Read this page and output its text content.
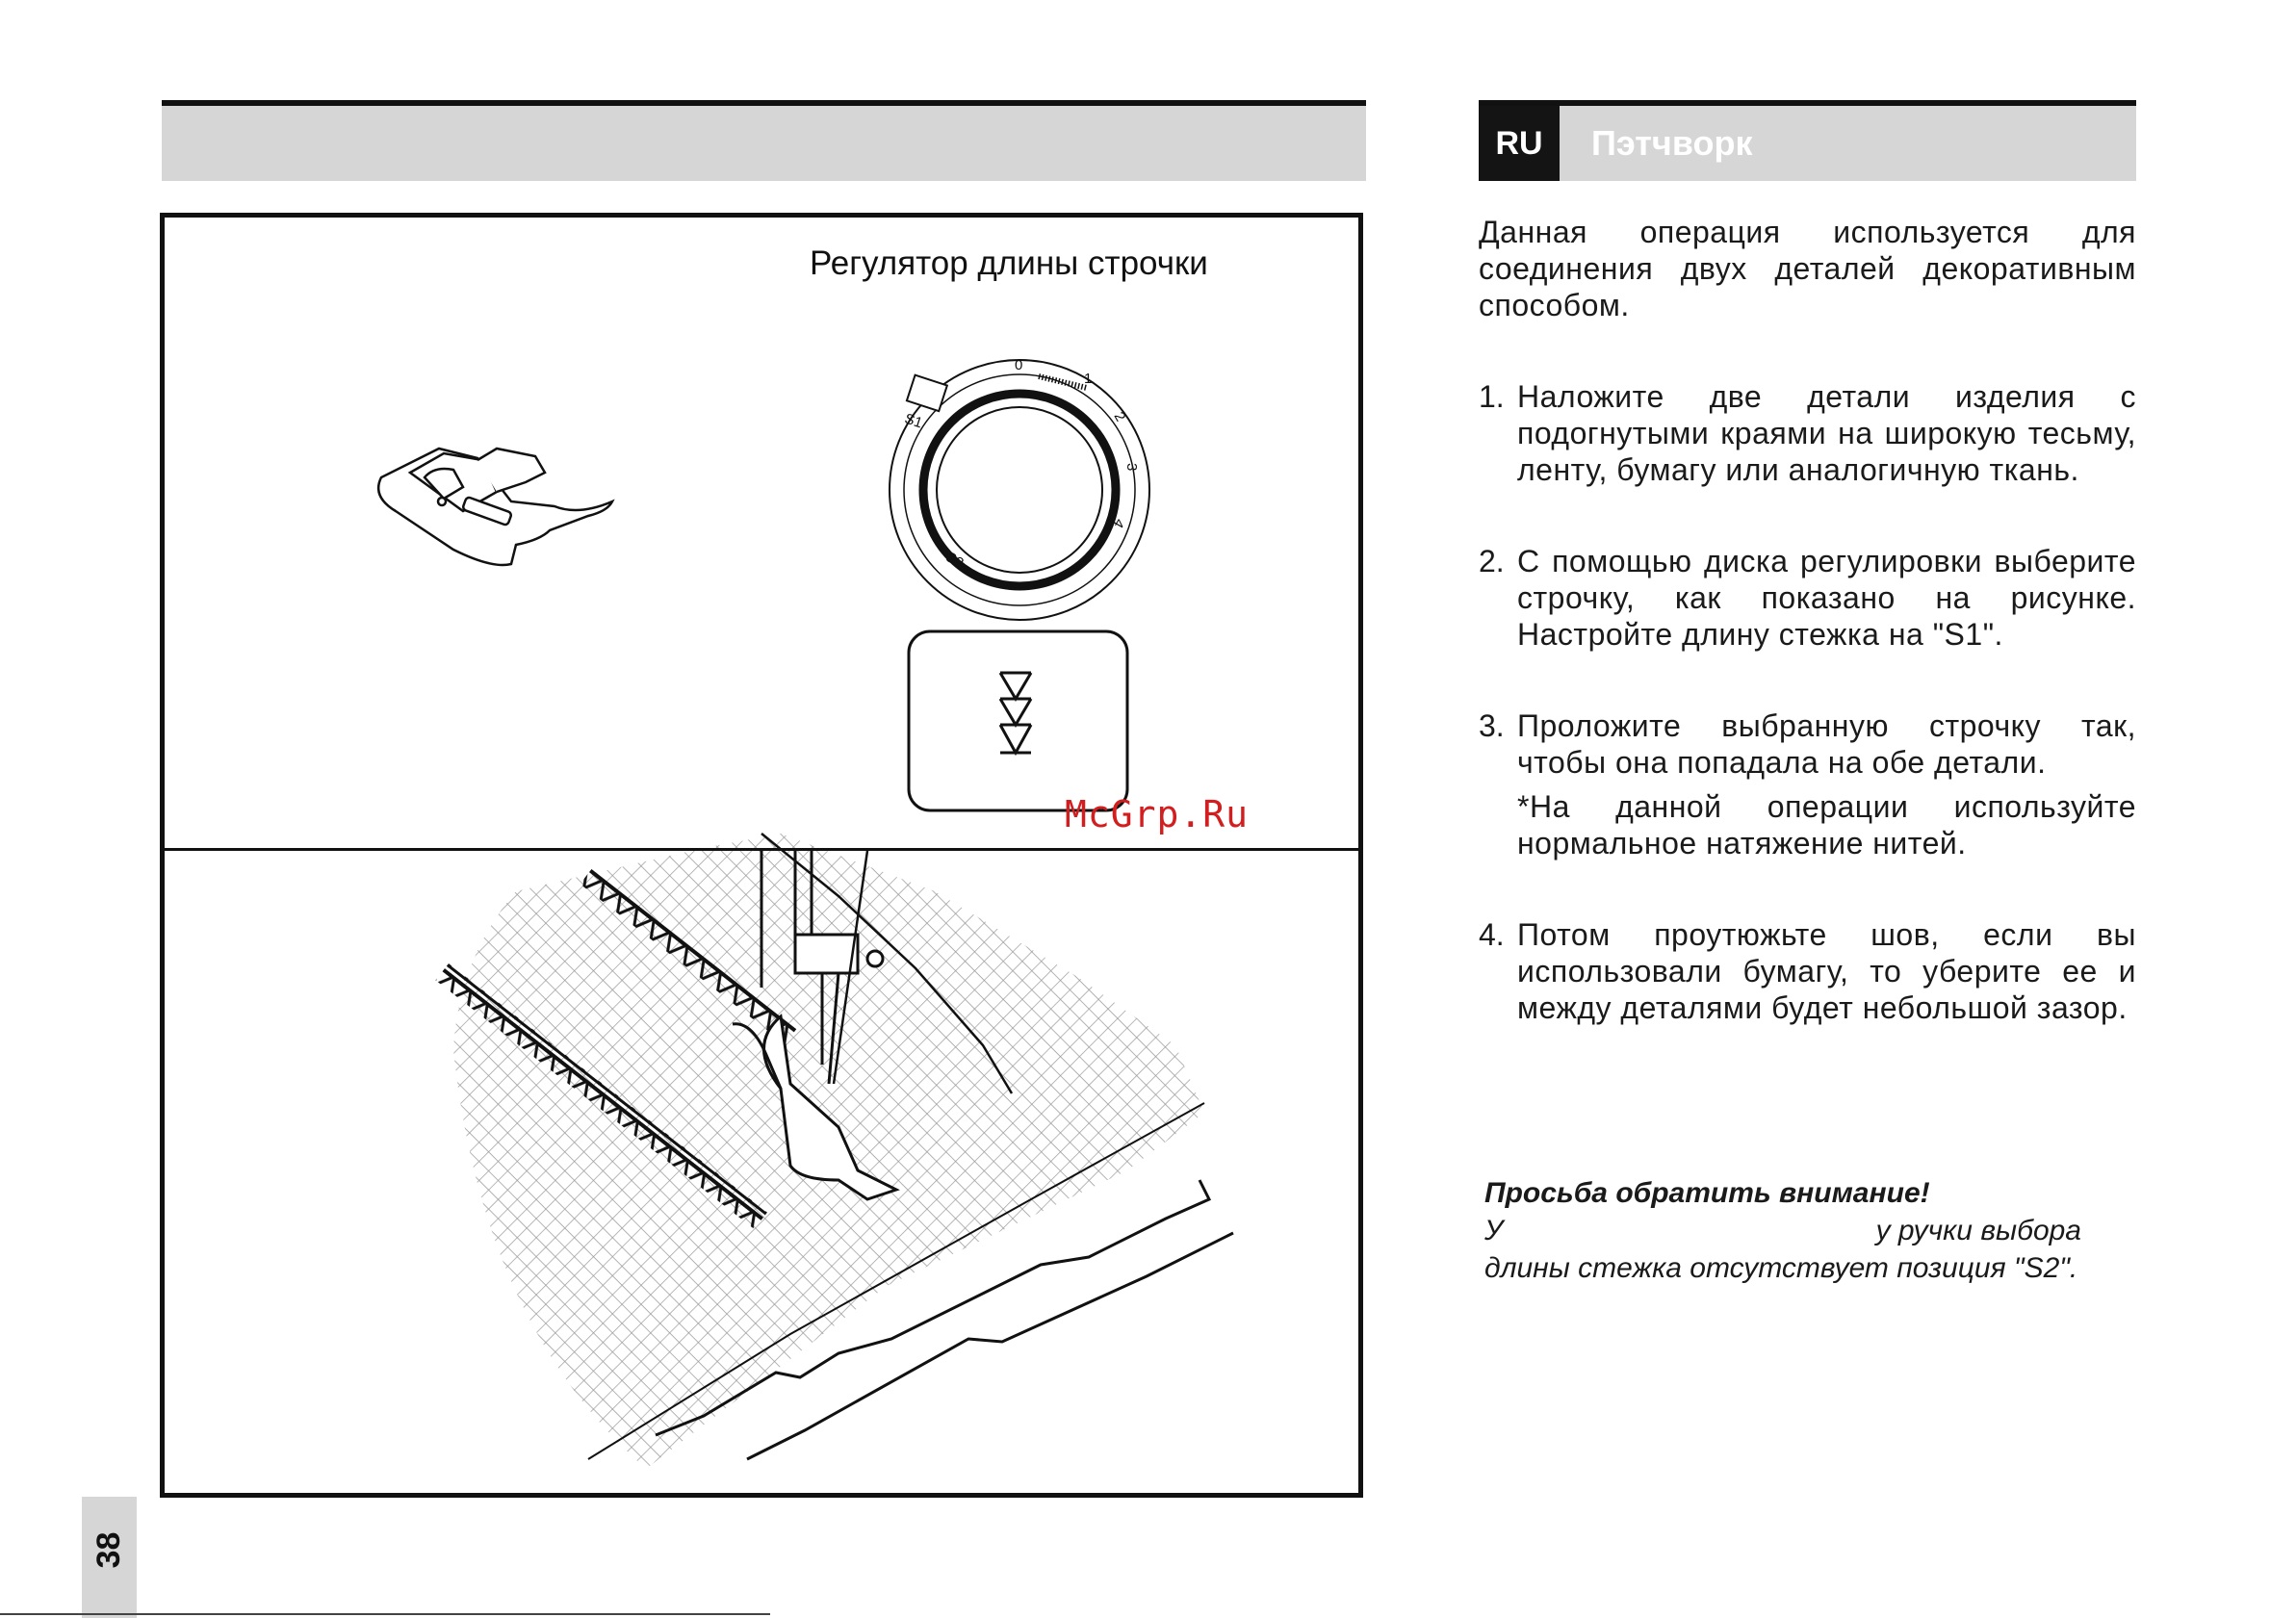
0
1
2
3
4
S1
S2
Регулятор длины строчки
McGrp.Ru
38
RU	Пэтчворк

Данная операция используется для соединения двух деталей декоративным способом.

1. Наложите две детали изделия с подогнутыми краями на широкую тесьму, ленту, бумагу или аналогичную ткань.
2. С помощью диска регулировки выберите строчку, как показано на рисунке. Настройте длину стежка на "S1".
3. Проложите выбранную строчку так, чтобы она попадала на обе детали.
*На данной операции используйте нормальное натяжение нитей.
4. Потом проутюжьте шов, если вы использовали бумагу, то уберите ее и между деталями будет небольшой зазор.
Просьба обратить внимание!
У	у ручки выбора
длины стежка отсутствует позиция "S2".
